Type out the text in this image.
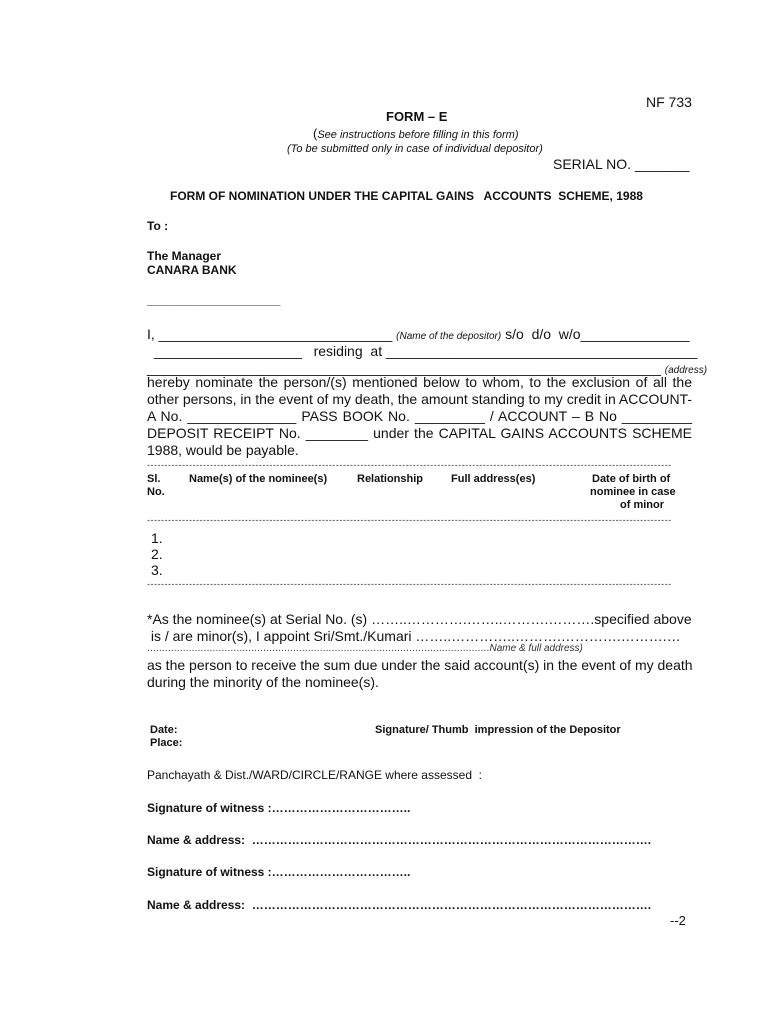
NF 733
FORM – E
(See instructions before filling in this form)
(To be submitted only in case of individual depositor)
SERIAL NO. _______
FORM OF NOMINATION UNDER THE CAPITAL GAINS   ACCOUNTS  SCHEME, 1988
To :
The Manager
CANARA BANK
____________________
I, ______________________________ (Name of the depositor) s/o  d/o  w/o______________
___________________   residing  at ________________________________________
__________________________________________________________________ (address)
hereby nominate the person/(s) mentioned below to whom, to the exclusion of all the other persons, in the event of my death, the amount standing to my credit in ACCOUNT-A No. ______________ PASS BOOK No. _________ / ACCOUNT – B No _________ DEPOSIT RECEIPT No. ________ under the CAPITAL GAINS ACCOUNTS SCHEME 1988, would be payable.
------------------------------------------------------------------------------------------------------------------------------------------------------
Sl.
No.
Name(s) of the nominee(s)	Relationship	Full address(es)	Date of birth of
nominee in case
of minor
------------------------------------------------------------------------------------------------------------------------------------------------------
1.
2.
3.
------------------------------------------------------------------------------------------------------------------------------------------------------
*As the nominee(s) at Serial No. (s) ……..………….……..……….……….specified above
is / are minor(s), I appoint Sri/Smt./Kumari ……..…………..……….………….……….…
...................................................................................................................Name & full address)
as the person to receive the sum due under the said account(s) in the event of my death
during the minority of the nominee(s).
Date:
Place:
Signature/ Thumb  impression of the Depositor
Panchayath & Dist./WARD/CIRCLE/RANGE where assessed  :
Signature of witness :……………………………..
Name & address:  ……………………………………………………………………………………….
Signature of witness :……………………………..
Name & address:  ……………………………………………………………………………………….
--2
